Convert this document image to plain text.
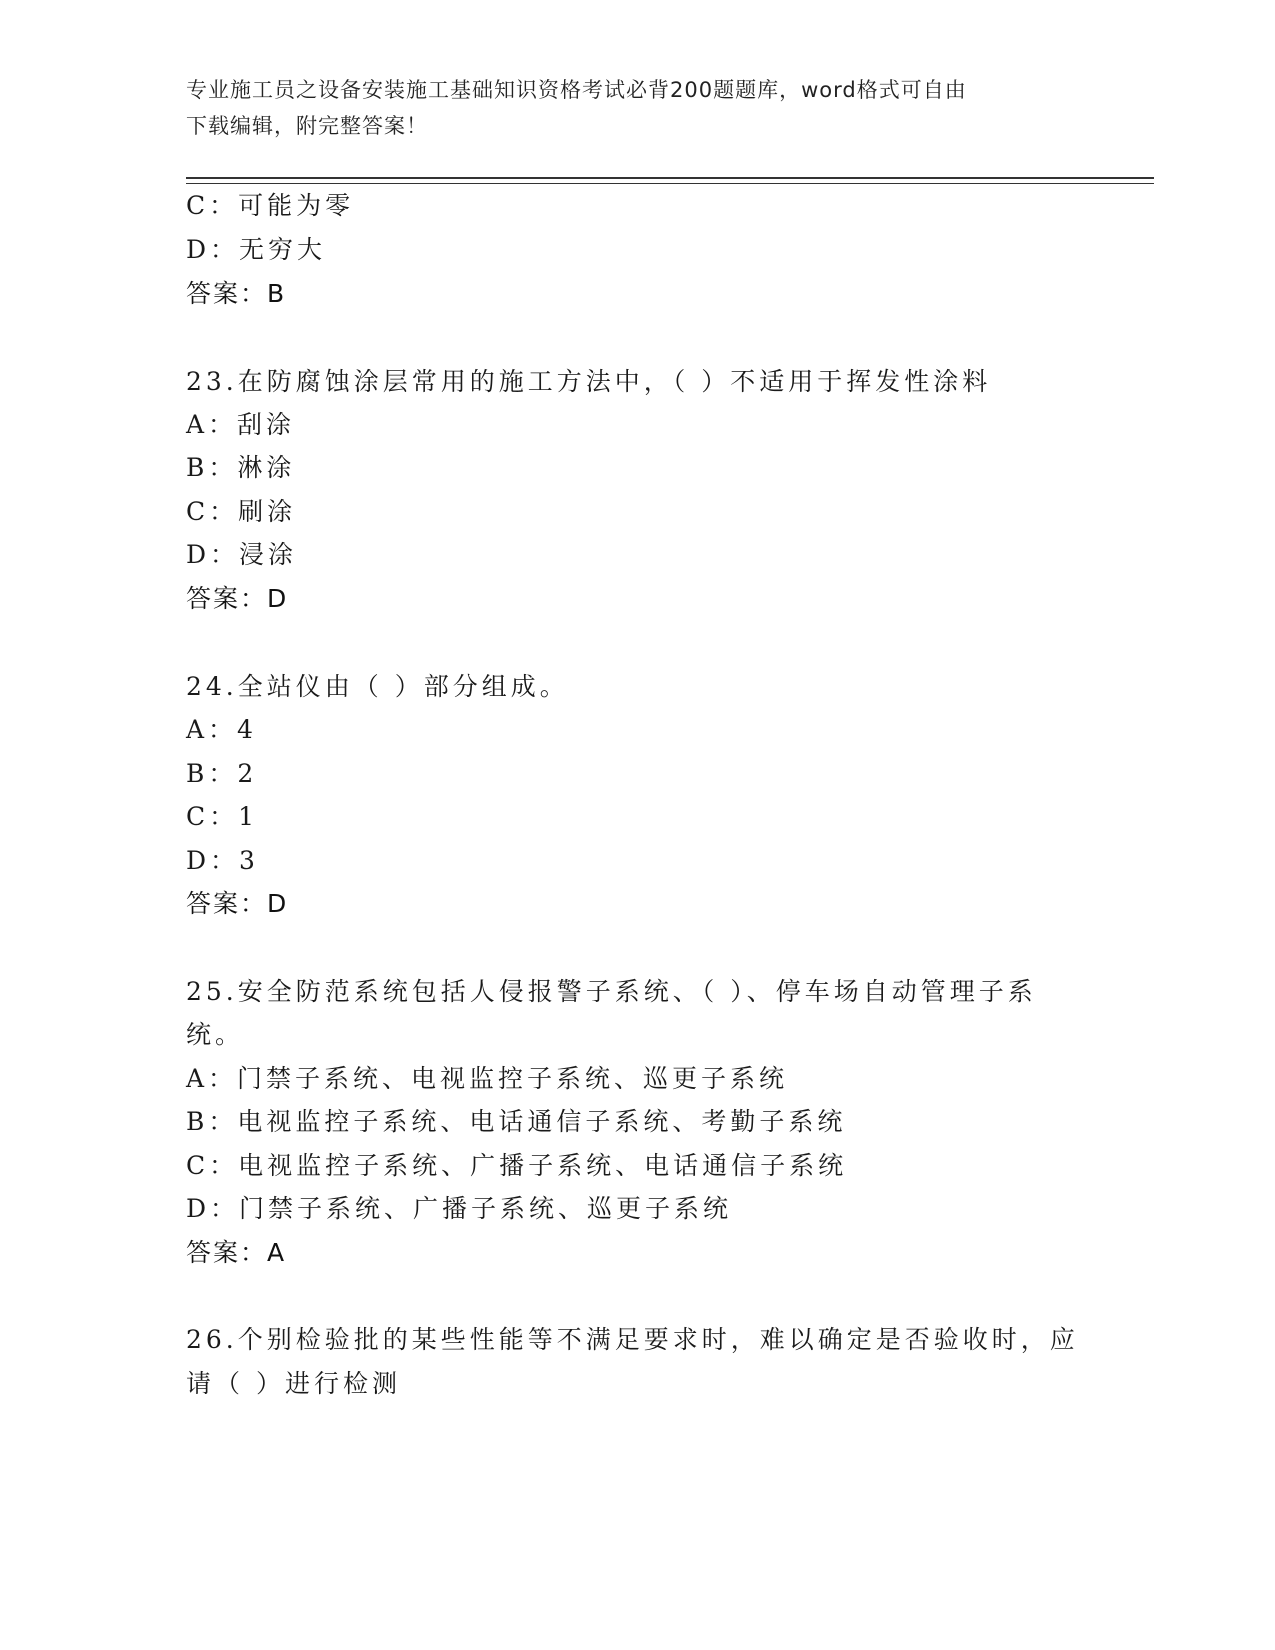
专业施工员之设备安装施工基础知识资格考试必背200题题库，word格式可自由
下载编辑，附完整答案！
C：可能为零
D：无穷大
答案：B
23.在防腐蚀涂层常用的施工方法中，（ ）不适用于挥发性涂料
A：刮涂
B：淋涂
C：刷涂
D：浸涂
答案：D
24.全站仪由（ ）部分组成。
A：4
B：2
C：1
D：3
答案：D
25.安全防范系统包括人侵报警子系统、（ ）、停车场自动管理子系
统。
A：门禁子系统、电视监控子系统、巡更子系统
B：电视监控子系统、电话通信子系统、考勤子系统
C：电视监控子系统、广播子系统、电话通信子系统
D：门禁子系统、广播子系统、巡更子系统
答案：A
26.个别检验批的某些性能等不满足要求时，难以确定是否验收时，应
请（ ）进行检测
